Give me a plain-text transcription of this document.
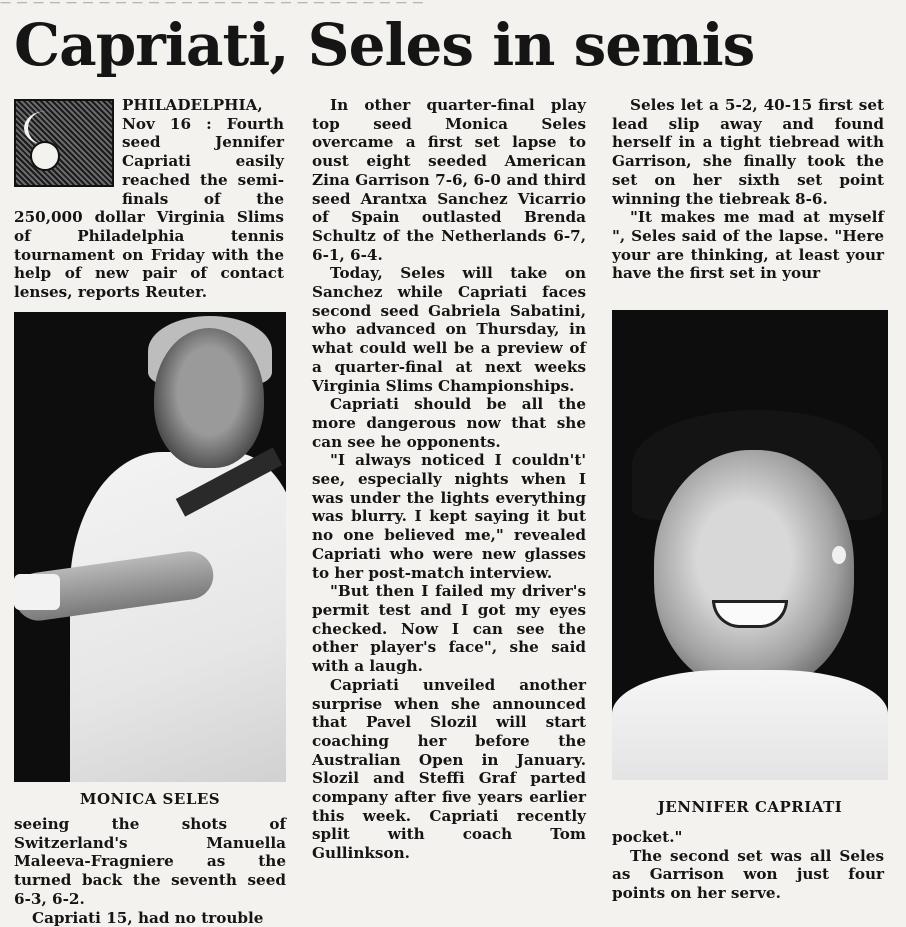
— — — — — — — — — — — — — — — — — — — — — — — — — —
Capriati, Seles in semis

PHILADELPHIA, Nov 16 : Fourth seed Jennifer Capriati easily reached the semi-finals of the 250,000 dollar Virginia Slims of Philadelphia tennis tournament on Friday with the help of new pair of contact lenses, reports Reuter.

MONICA SELES

seeing the shots of Switzerland's Manuella Maleeva-Fragniere as the turned back the seventh seed 6-3, 6-2.

Capriati 15, had no trouble

In other quarter-final play top seed Monica Seles overcame a first set lapse to oust eight seeded American Zina Garrison 7-6, 6-0 and third seed Arantxa Sanchez Vicarrio of Spain outlasted Brenda Schultz of the Netherlands 6-7, 6-1, 6-4.

Today, Seles will take on Sanchez while Capriati faces second seed Gabriela Sabatini, who advanced on Thursday, in what could well be a preview of a quarter-final at next weeks Virginia Slims Championships.

Capriati should be all the more dangerous now that she can see he opponents.

"I always noticed I couldn't' see, especially nights when I was under the lights everything was blurry. I kept saying it but no one believed me," revealed Capriati who were new glasses to her post-match interview.

"But then I failed my driver's permit test and I got my eyes checked. Now I can see the other player's face", she said with a laugh.

Capriati unveiled another surprise when she announced that Pavel Slozil will start coaching her before the Australian Open in January. Slozil and Steffi Graf parted company after five years earlier this week. Capriati recently split with coach Tom Gullinkson.

Seles let a 5-2, 40-15 first set lead slip away and found herself in a tight tiebread with Garrison, she finally took the set on her sixth set point winning the tiebreak 8-6.

"It makes me mad at myself ", Seles said of the lapse. "Here your are thinking, at least your have the first set in your

JENNIFER CAPRIATI

pocket."

The second set was all Seles as Garrison won just four points on her serve.
